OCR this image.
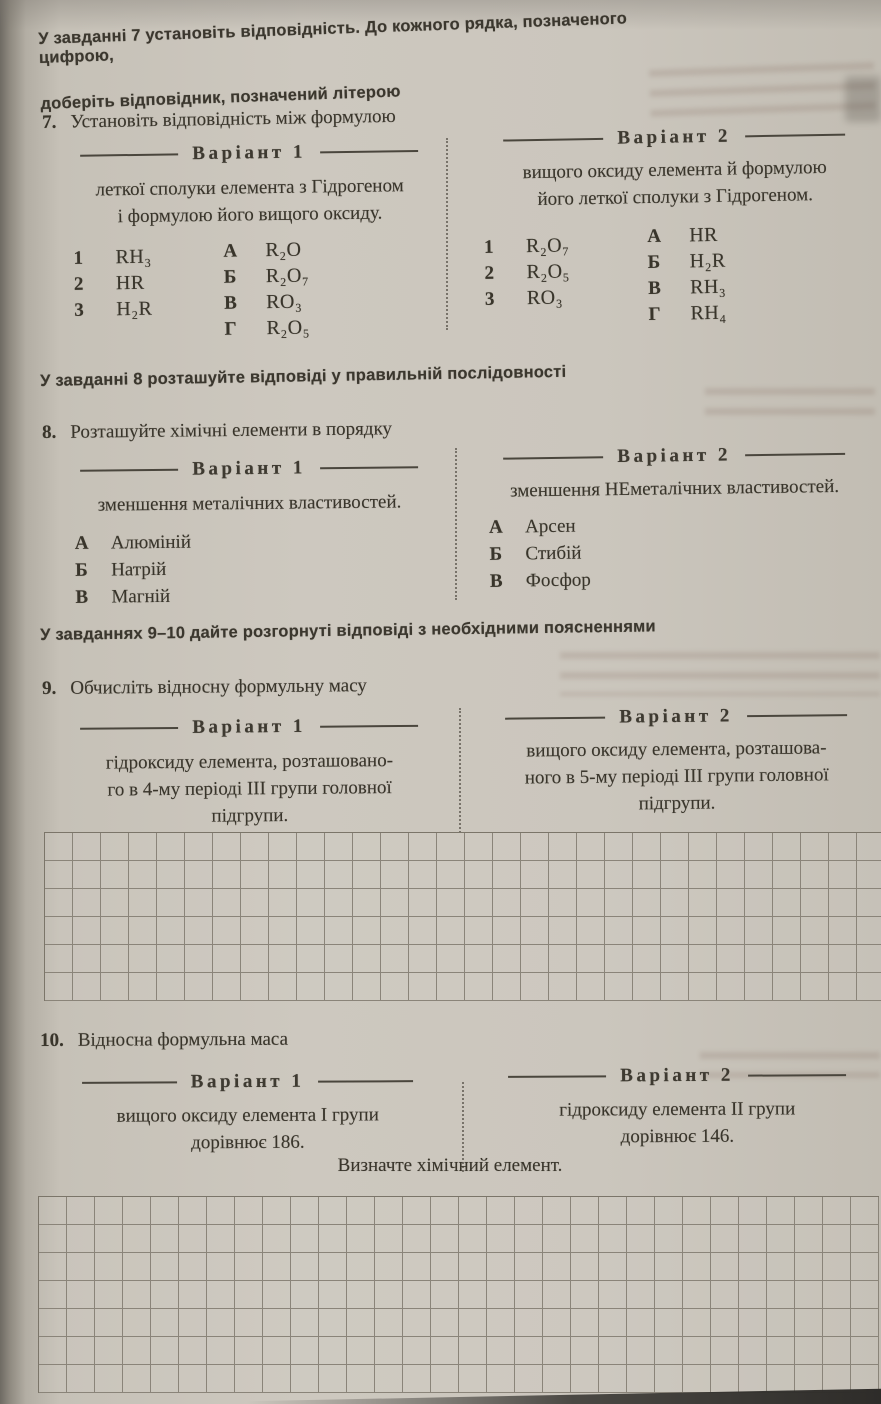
У завданні 7 установіть відповідність. До кожного рядка, позначеного цифрою,
доберіть відповідник, позначений літерою
7. Установіть відповідність між формулою
Варіант 1
леткої сполуки елемента з Гідрогеном
і формулою його вищого оксиду.
1	RH₃
2	HR
3	H₂R
А	R₂O
Б	R₂O₇
В	RO₃
Г	R₂O₅
Варіант 2
вищого оксиду елемента й формулою
його леткої сполуки з Гідрогеном.
1	R₂O₇
2	R₂O₅
3	RO₃
А	HR
Б	H₂R
В	RH₃
Г	RH₄
У завданні 8 розташуйте відповіді у правильній послідовності
8. Розташуйте хімічні елементи в порядку
Варіант 1
зменшення металічних властивостей.
А	Алюміній
Б	Натрій
В	Магній
Варіант 2
зменшення НЕметалічних властивостей.
А	Арсен
Б	Стибій
В	Фосфор
У завданнях 9–10 дайте розгорнуті відповіді з необхідними поясненнями
9. Обчисліть відносну формульну масу
Варіант 1
гідроксиду елемента, розташовано-
го в 4-му періоді III групи головної
підгрупи.
Варіант 2
вищого оксиду елемента, розташова-
ного в 5-му періоді III групи головної
підгрупи.
10. Відносна формульна маса
Варіант 1
вищого оксиду елемента I групи
дорівнює 186.
Варіант 2
гідроксиду елемента II групи
дорівнює 146.
Визначте хімічний елемент.
